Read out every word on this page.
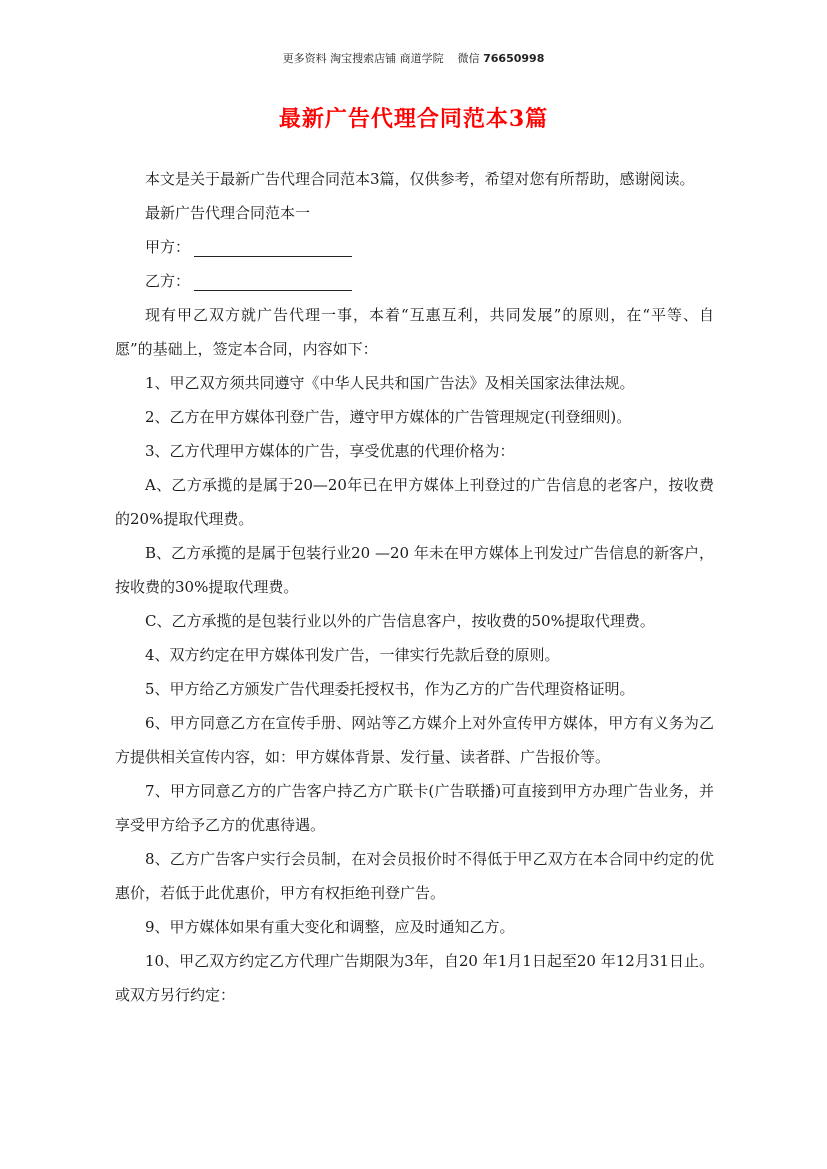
更多资料 淘宝搜索店铺 商道学院 微信 76650998
最新广告代理合同范本3篇

本文是关于最新广告代理合同范本3篇，仅供参考，希望对您有所帮助，感谢阅读。

最新广告代理合同范本一

甲方：

乙方：

现有甲乙双方就广告代理一事，本着“互惠互利，共同发展”的原则，在“平等、自愿”的基础上，签定本合同，内容如下：

1、甲乙双方须共同遵守《中华人民共和国广告法》及相关国家法律法规。

2、乙方在甲方媒体刊登广告，遵守甲方媒体的广告管理规定(刊登细则)。

3、乙方代理甲方媒体的广告，享受优惠的代理价格为：

A、乙方承揽的是属于20—20年已在甲方媒体上刊登过的广告信息的老客户，按收费的20%提取代理费。

B、乙方承揽的是属于包装行业20 —20 年未在甲方媒体上刊发过广告信息的新客户，按收费的30%提取代理费。

C、乙方承揽的是包装行业以外的广告信息客户，按收费的50%提取代理费。

4、双方约定在甲方媒体刊发广告，一律实行先款后登的原则。

5、甲方给乙方颁发广告代理委托授权书，作为乙方的广告代理资格证明。

6、甲方同意乙方在宣传手册、网站等乙方媒介上对外宣传甲方媒体，甲方有义务为乙方提供相关宣传内容，如：甲方媒体背景、发行量、读者群、广告报价等。

7、甲方同意乙方的广告客户持乙方广联卡(广告联播)可直接到甲方办理广告业务，并享受甲方给予乙方的优惠待遇。

8、乙方广告客户实行会员制，在对会员报价时不得低于甲乙双方在本合同中约定的优惠价，若低于此优惠价，甲方有权拒绝刊登广告。

9、甲方媒体如果有重大变化和调整，应及时通知乙方。

10、甲乙双方约定乙方代理广告期限为3年，自20 年1月1日起至20 年12月31日止。或双方另行约定：
